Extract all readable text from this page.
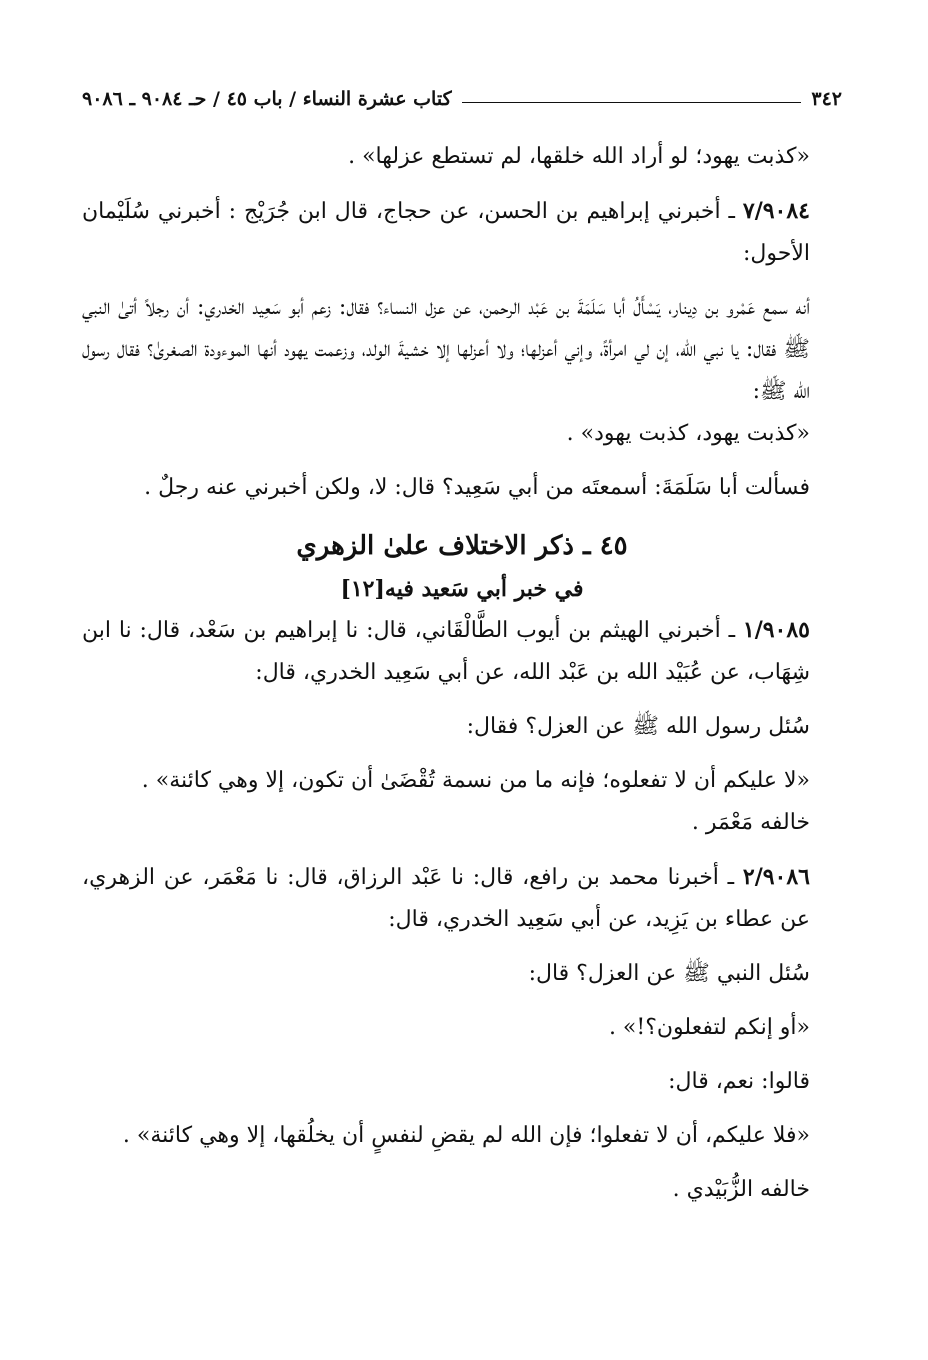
٣٤٢
كتاب عشرة النساء / باب ٤٥ / حـ ٩٠٨٤ ـ ٩٠٨٦

«كذبت يهود؛ لو أراد الله خلقها، لم تستطع عزلها» .

٧/٩٠٨٤ ـ أخبرني إبراهيم بن الحسن، عن حجاج، قال ابن جُرَيْج : أخبرني سُلَيْمان الأحول:

أنه سمع عَمْرو بن دِينار، يَسْأَلُ أبا سَلَمَةَ بن عَبْد الرحمن، عن عزل النساء؟ فقال: زعم أبو سَعِيد الخدري: أن رجلاً أتىٰ النبي ﷺ فقال: يا نبي الله، إن لي امرأةً، وإني أعزلها؛ ولا أعزلها إلا خشيةَ الولد، وزعمت يهود أنها الموءودة الصغرىٰ؟ فقال رسول الله ﷺ:

«كذبت يهود، كذبت يهود» .

فسألت أبا سَلَمَةَ: أسمعتَه من أبي سَعِيد؟ قال: لا، ولكن أخبرني عنه رجلٌ .

٤٥ ـ ذكر الاختلاف علىٰ الزهري

في خبر أبي سَعيد فيه[١٢]

١/٩٠٨٥ ـ أخبرني الهيثم بن أيوب الطَّالْقَاني، قال: نا إبراهيم بن سَعْد، قال: نا ابن شِهَاب، عن عُبَيْد الله بن عَبْد الله، عن أبي سَعِيد الخدري، قال:

سُئل رسول الله ﷺ عن العزل؟ فقال:

«لا عليكم أن لا تفعلوه؛ فإنه ما من نسمة تُقْضَىٰ أن تكون، إلا وهي كائنة» .

خالفه مَعْمَر .

٢/٩٠٨٦ ـ أخبرنا محمد بن رافع، قال: نا عَبْد الرزاق، قال: نا مَعْمَر، عن الزهري، عن عطاء بن يَزِيد، عن أبي سَعِيد الخدري، قال:

سُئل النبي ﷺ عن العزل؟ قال:

«أو إنكم لتفعلون؟!» .

قالوا: نعم، قال:

«فلا عليكم، أن لا تفعلوا؛ فإن الله لم يقضِ لنفسٍ أن يخلُقها، إلا وهي كائنة» .

خالفه الزُّبَيْدي .
